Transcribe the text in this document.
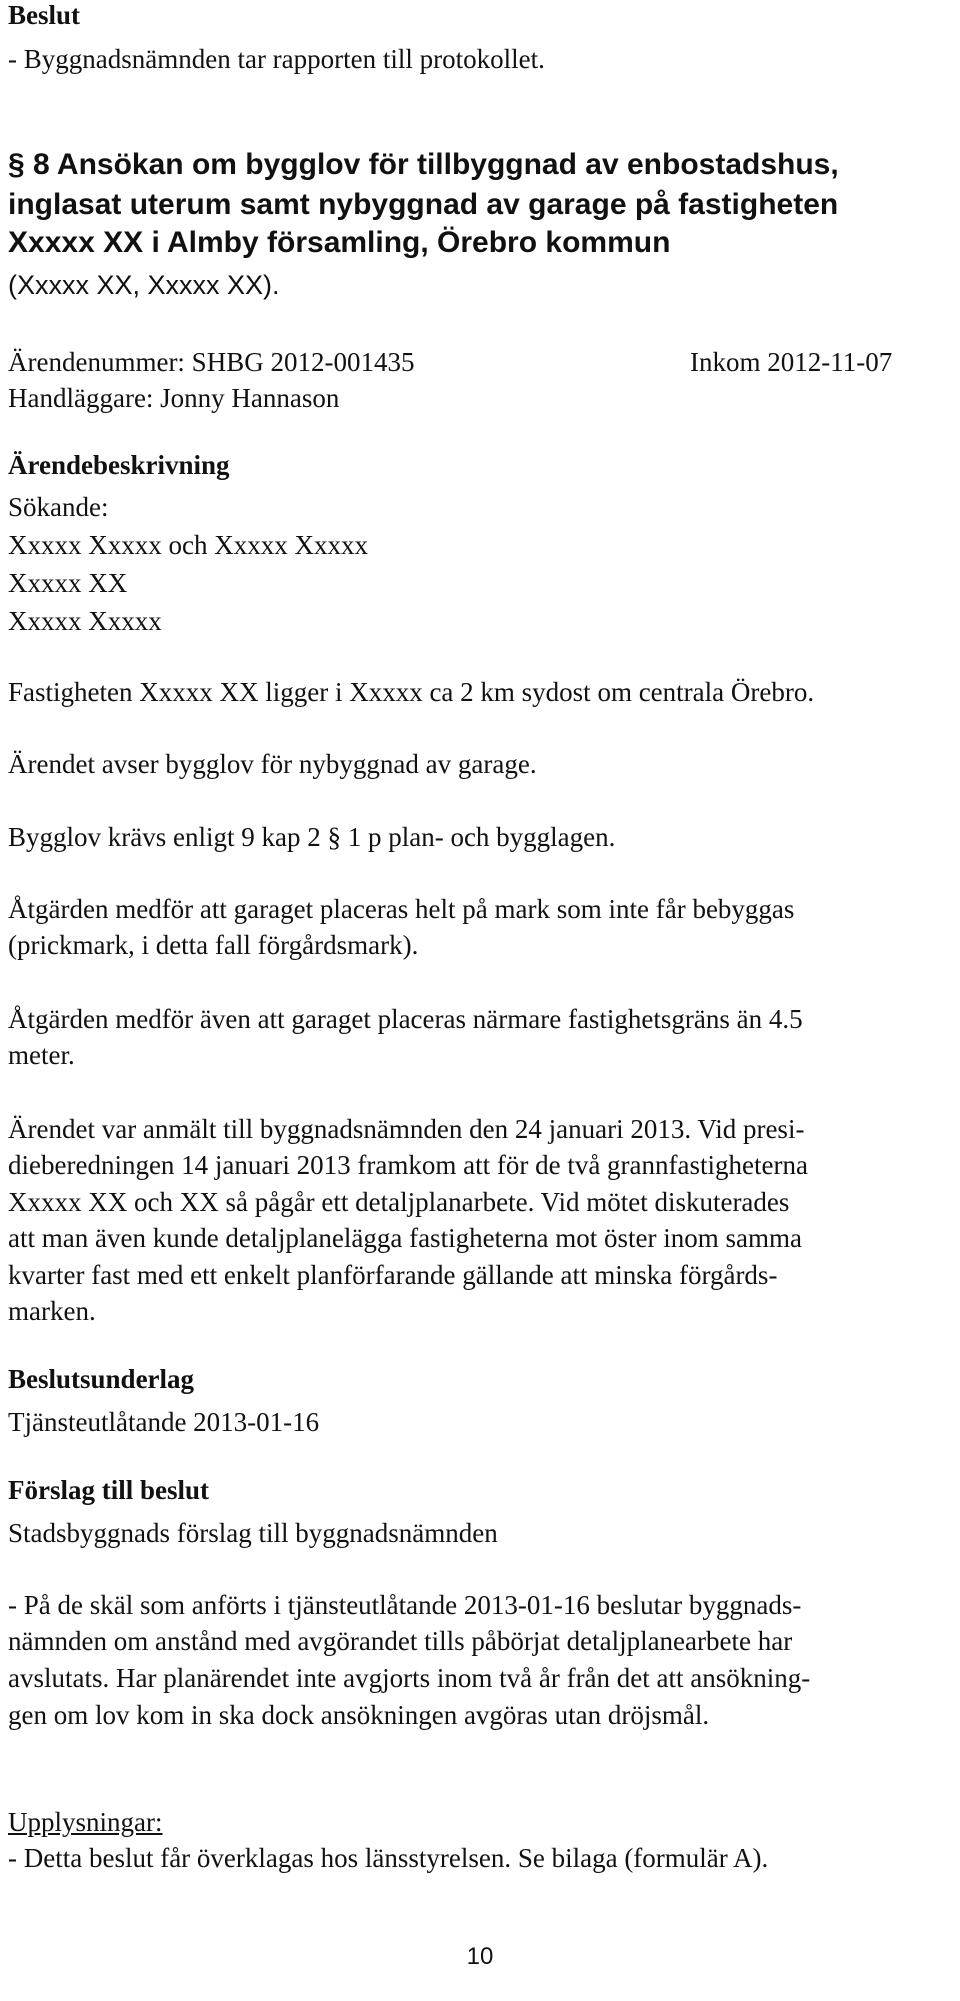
Beslut
- Byggnadsnämnden tar rapporten till protokollet.
§ 8 Ansökan om bygglov för tillbyggnad av enbostadshus,
inglasat uterum samt nybyggnad av garage på fastigheten
Xxxxx XX i Almby församling, Örebro kommun
(Xxxxx XX, Xxxxx XX).
Ärendenummer: SHBG 2012-001435	Inkom 2012-11-07
Handläggare: Jonny Hannason
Ärendebeskrivning
Sökande:
Xxxxx Xxxxx och Xxxxx Xxxxx
Xxxxx XX
Xxxxx Xxxxx
Fastigheten Xxxxx XX ligger i Xxxxx ca 2 km sydost om centrala Örebro.
Ärendet avser bygglov för nybyggnad av garage.
Bygglov krävs enligt 9 kap 2 § 1 p plan- och bygglagen.
Åtgärden medför att garaget placeras helt på mark som inte får bebyggas
(prickmark, i detta fall förgårdsmark).
Åtgärden medför även att garaget placeras närmare fastighetsgräns än 4.5
meter.
Ärendet var anmält till byggnadsnämnden den 24 januari 2013. Vid presi-
dieberedningen 14 januari 2013 framkom att för de två grannfastigheterna
Xxxxx XX och XX så pågår ett detaljplanarbete. Vid mötet diskuterades
att man även kunde detaljplanelägga fastigheterna mot öster inom samma
kvarter fast med ett enkelt planförfarande gällande att minska förgårds-
marken.
Beslutsunderlag
Tjänsteutlåtande 2013-01-16
Förslag till beslut
Stadsbyggnads förslag till byggnadsnämnden
- På de skäl som anförts i tjänsteutlåtande 2013-01-16 beslutar byggnads-
nämnden om anstånd med avgörandet tills påbörjat detaljplanearbete har
avslutats. Har planärendet inte avgjorts inom två år från det att ansökning-
gen om lov kom in ska dock ansökningen avgöras utan dröjsmål.
Upplysningar:
- Detta beslut får överklagas hos länsstyrelsen. Se bilaga (formulär A).
10
